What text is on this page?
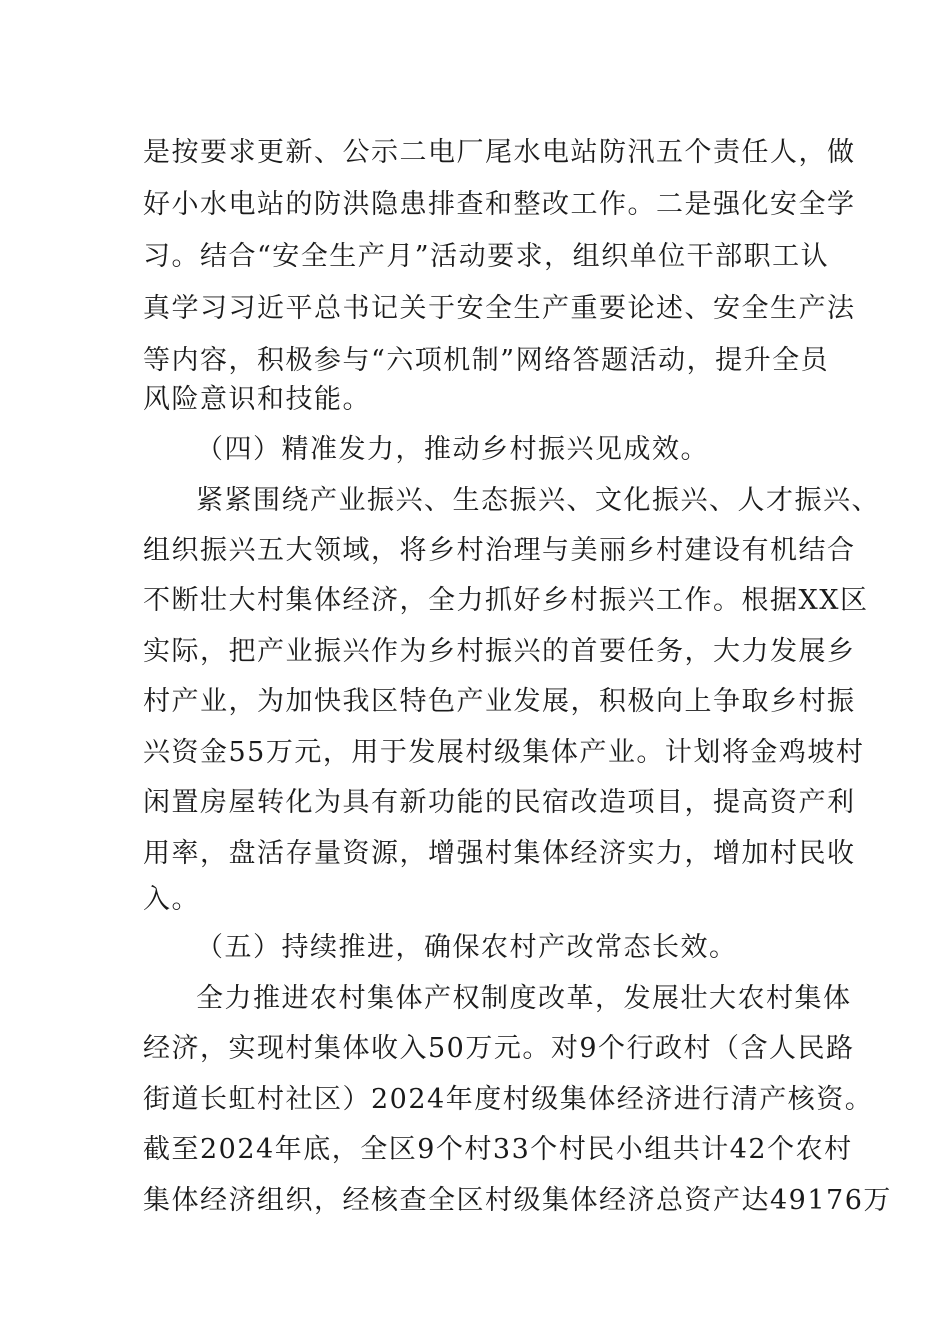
是按要求更新、公示二电厂尾水电站防汛五个责任人，做
好小水电站的防洪隐患排查和整改工作。二是强化安全学
习。结合“安全生产月”活动要求，组织单位干部职工认
真学习习近平总书记关于安全生产重要论述、安全生产法
等内容，积极参与“六项机制”网络答题活动，提升全员
风险意识和技能。
（四）精准发力，推动乡村振兴见成效。
紧紧围绕产业振兴、生态振兴、文化振兴、人才振兴、
组织振兴五大领域，将乡村治理与美丽乡村建设有机结合
不断壮大村集体经济，全力抓好乡村振兴工作。根据XX区
实际，把产业振兴作为乡村振兴的首要任务，大力发展乡
村产业，为加快我区特色产业发展，积极向上争取乡村振
兴资金55万元，用于发展村级集体产业。计划将金鸡坡村
闲置房屋转化为具有新功能的民宿改造项目，提高资产利
用率，盘活存量资源，增强村集体经济实力，增加村民收
入。
（五）持续推进，确保农村产改常态长效。
全力推进农村集体产权制度改革，发展壮大农村集体
经济，实现村集体收入50万元。对9个行政村（含人民路
街道长虹村社区）2024年度村级集体经济进行清产核资。
截至2024年底，全区9个村33个村民小组共计42个农村
集体经济组织，经核查全区村级集体经济总资产达49176万
